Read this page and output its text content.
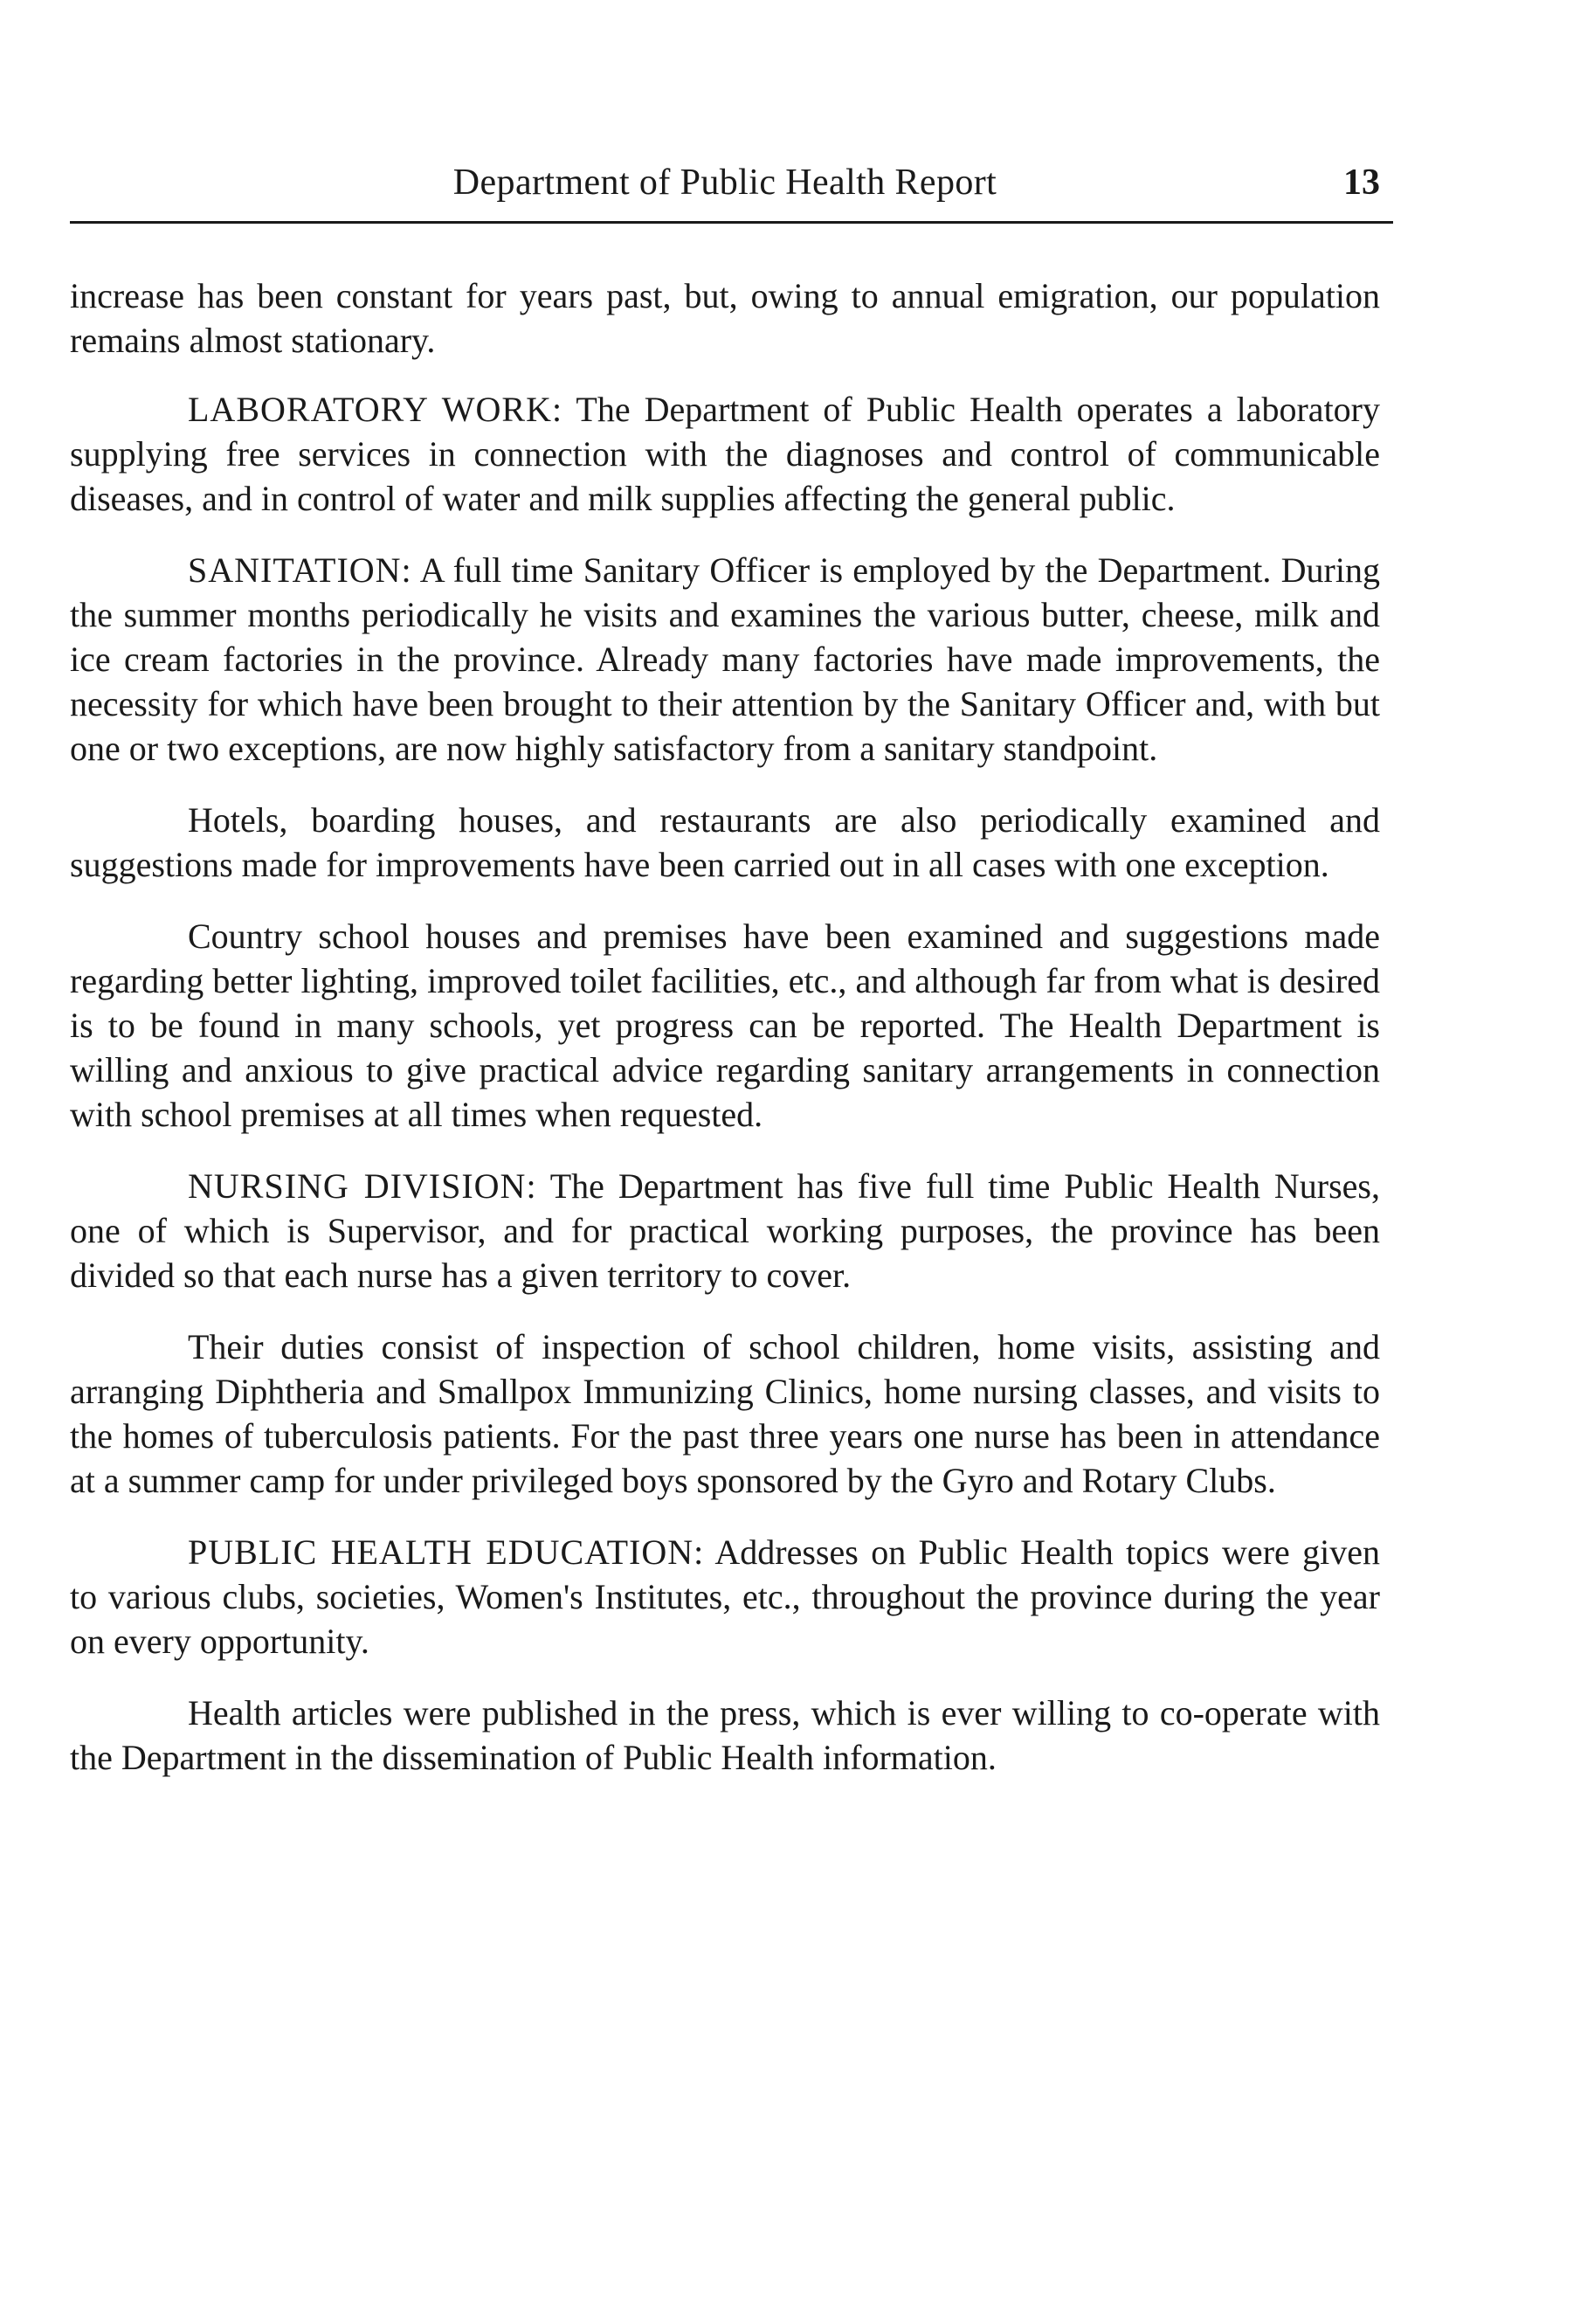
Department of Public Health Report	13

increase has been constant for years past, but, owing to annual emigration, our population remains almost stationary.

LABORATORY WORK: The Department of Public Health operates a laboratory supplying free services in connection with the diagnoses and control of communicable diseases, and in control of water and milk supplies affecting the general public.

SANITATION: A full time Sanitary Officer is employed by the Department. During the summer months periodically he visits and examines the various butter, cheese, milk and ice cream factories in the province. Already many factories have made improvements, the necessity for which have been brought to their attention by the Sanitary Officer and, with but one or two exceptions, are now highly satisfactory from a sanitary standpoint.

Hotels, boarding houses, and restaurants are also periodically examined and suggestions made for improvements have been carried out in all cases with one exception.

Country school houses and premises have been examined and suggestions made regarding better lighting, improved toilet facilities, etc., and although far from what is desired is to be found in many schools, yet progress can be reported. The Health Department is willing and anxious to give practical advice regarding sanitary arrangements in connection with school premises at all times when requested.

NURSING DIVISION: The Department has five full time Public Health Nurses, one of which is Supervisor, and for practical working purposes, the province has been divided so that each nurse has a given territory to cover.

Their duties consist of inspection of school children, home visits, assisting and arranging Diphtheria and Smallpox Immunizing Clinics, home nursing classes, and visits to the homes of tuberculosis patients. For the past three years one nurse has been in attendance at a summer camp for under privileged boys sponsored by the Gyro and Rotary Clubs.

PUBLIC HEALTH EDUCATION: Addresses on Public Health topics were given to various clubs, societies, Women's Institutes, etc., throughout the province during the year on every opportunity.

Health articles were published in the press, which is ever willing to co-operate with the Department in the dissemination of Public Health information.
